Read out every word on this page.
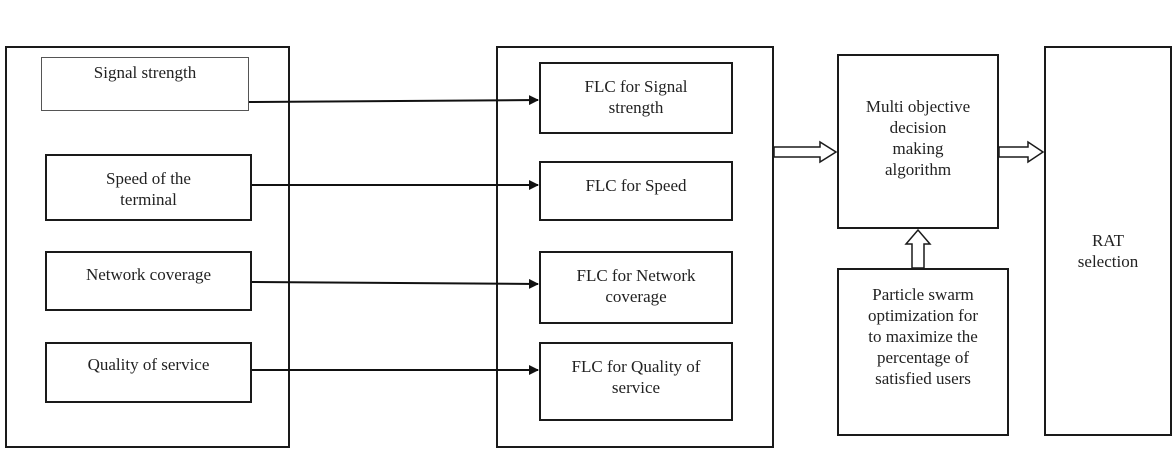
Signal strength
Speed of the
terminal
Network coverage
Quality of service
FLC for Signal
strength
FLC for Speed
FLC for Network
coverage
FLC for Quality of
service
Multi objective
decision
making
algorithm
Particle swarm
optimization for
to maximize the
percentage of
satisfied users
RAT
selection
